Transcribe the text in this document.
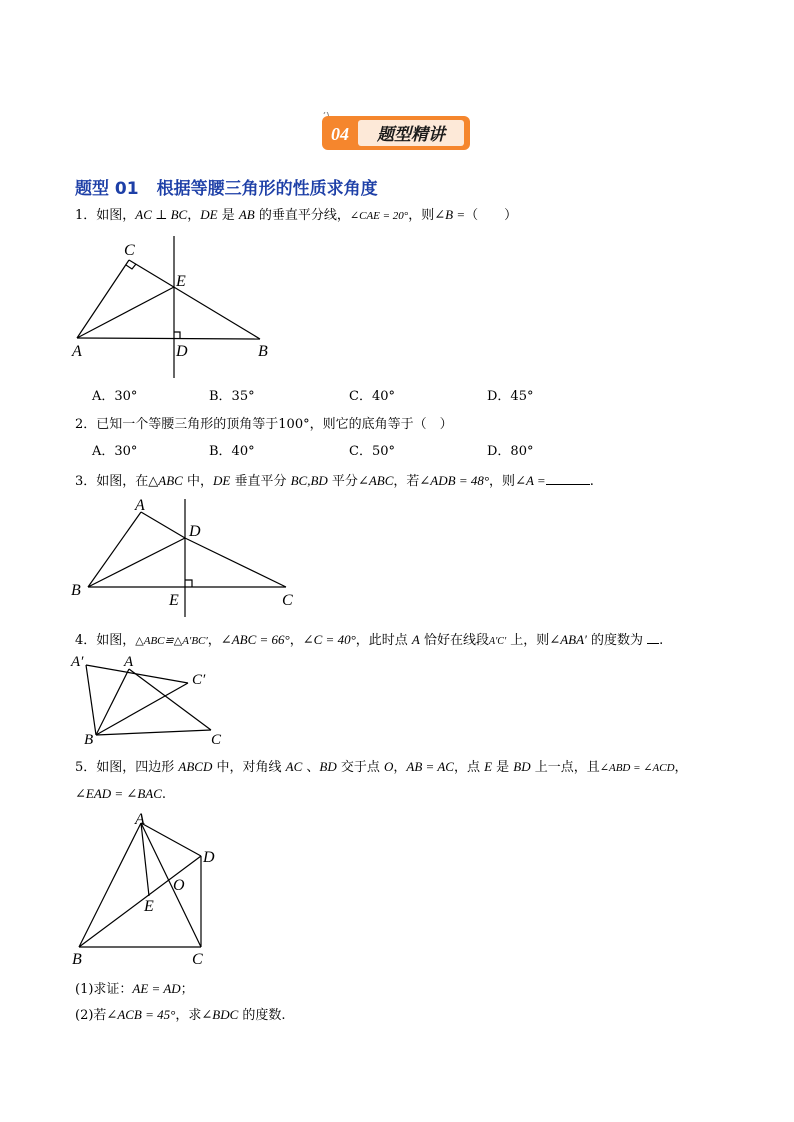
04 题型精讲
题型 01 根据等腰三角形的性质求角度
1．如图，AC ⊥ BC，DE 是 AB 的垂直平分线，∠CAE = 20°，则∠B =（　　）
C
E
A	D	B
A．30°	B．35°	C．40°	D．45°
2．已知一个等腰三角形的顶角等于100°，则它的底角等于（　）
A．30°	B．40°	C．50°	D．80°
3．如图，在△ABC 中，DE 垂直平分 BC,BD 平分∠ABC，若∠ADB = 48°，则∠A =	.
A
D
B
E	C
4．如图，△ABC≌△A′BC′，∠ABC = 66°，∠C = 40°，此时点 A 恰好在线段A′C′ 上，则∠ABA′ 的度数为 .
A′	A
C′
B	C
5．如图，四边形 ABCD 中，对角线 AC 、BD 交于点 O，AB = AC，点 E 是 BD 上一点，且∠ABD = ∠ACD，
∠EAD = ∠BAC.
A
D
O
E
B	C
(1)求证：AE = AD；
(2)若∠ACB = 45°，求∠BDC 的度数.
